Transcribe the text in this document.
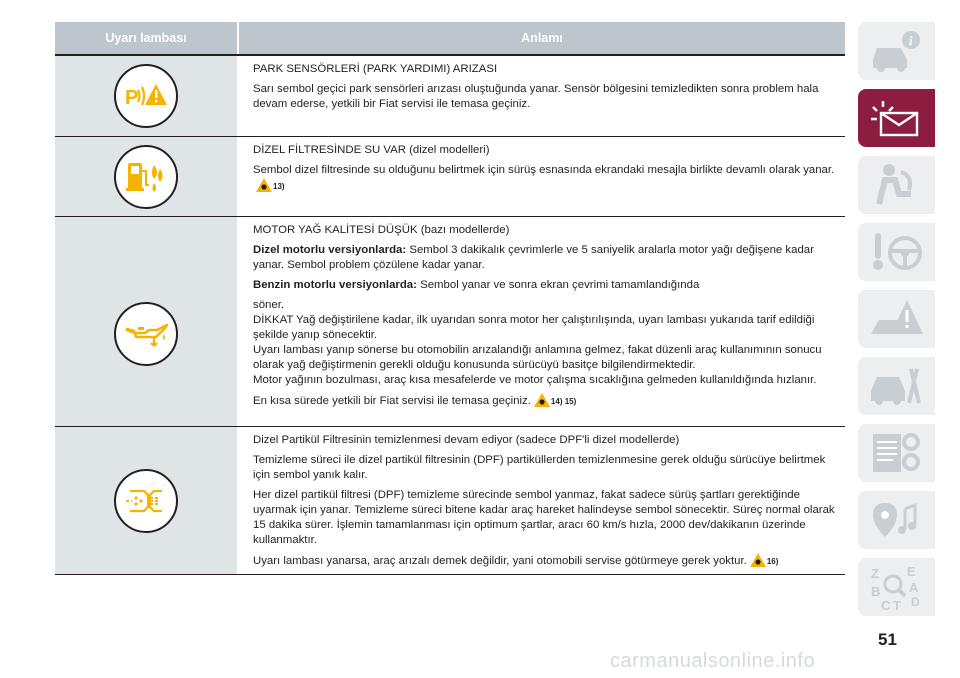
Uyarı lambası	Anlamı
P

PARK SENSÖRLERİ (PARK YARDIMI) ARIZASI

Sarı sembol geçici park sensörleri arızası oluştuğunda yanar. Sensör bölgesini temizledikten sonra problem hala devam ederse, yetkili bir Fiat servisi ile temasa geçiniz.

DİZEL FİLTRESİNDE SU VAR (dizel modelleri)

Sembol dizel filtresinde su olduğunu belirtmek için sürüş esnasında ekrandaki mesajla birlikte devamlı olarak yanar.13)

MOTOR YAĞ KALİTESİ DÜŞÜK (bazı modellerde)

Dizel motorlu versiyonlarda: Sembol 3 dakikalık çevrimlerle ve 5 saniyelik aralarla motor yağı değişene kadar yanar. Sembol problem çözülene kadar yanar.

Benzin motorlu versiyonlarda: Sembol yanar ve sonra ekran çevrimi tamamlandığında

söner.

DİKKAT Yağ değiştirilene kadar, ilk uyarıdan sonra motor her çalıştırılışında, uyarı lambası yukarıda tarif edildiği şekilde yanıp sönecektir.

Uyarı lambası yanıp sönerse bu otomobilin arızalandığı anlamına gelmez, fakat düzenli araç kullanımının sonucu olarak yağ değiştirmenin gerekli olduğu konusunda sürücüyü basitçe bilgilendirmektedir.

Motor yağının bozulması, araç kısa mesafelerde ve motor çalışma sıcaklığına gelmeden kullanıldığında hızlanır.

En kısa sürede yetkili bir Fiat servisi ile temasa geçiniz.	14) 15)

Dizel Partikül Filtresinin temizlenmesi devam ediyor (sadece DPF'li dizel modellerde)

Temizleme süreci ile dizel partikül filtresinin (DPF) partiküllerden temizlenmesine gerek olduğu sürücüye belirtmek için sembol yanık kalır.

Her dizel partikül filtresi (DPF) temizleme sürecinde sembol yanmaz, fakat sadece sürüş şartları gerektiğinde uyarmak için yanar. Temizleme süreci bitene kadar araç hareket halindeyse sembol sönecektir. Süreç normal olarak 15 dakika sürer. İşlemin tamamlanması için optimum şartlar, aracı 60 km/s hızla, 2000 dev/dakikanın üzerinde kullanmaktır.

Uyarı lambası yanarsa, araç arızalı demek değildir, yani otomobili servise götürmeye gerek yoktur.	16)

i
Z E
B A
C T D
51
carmanualsonline.info
